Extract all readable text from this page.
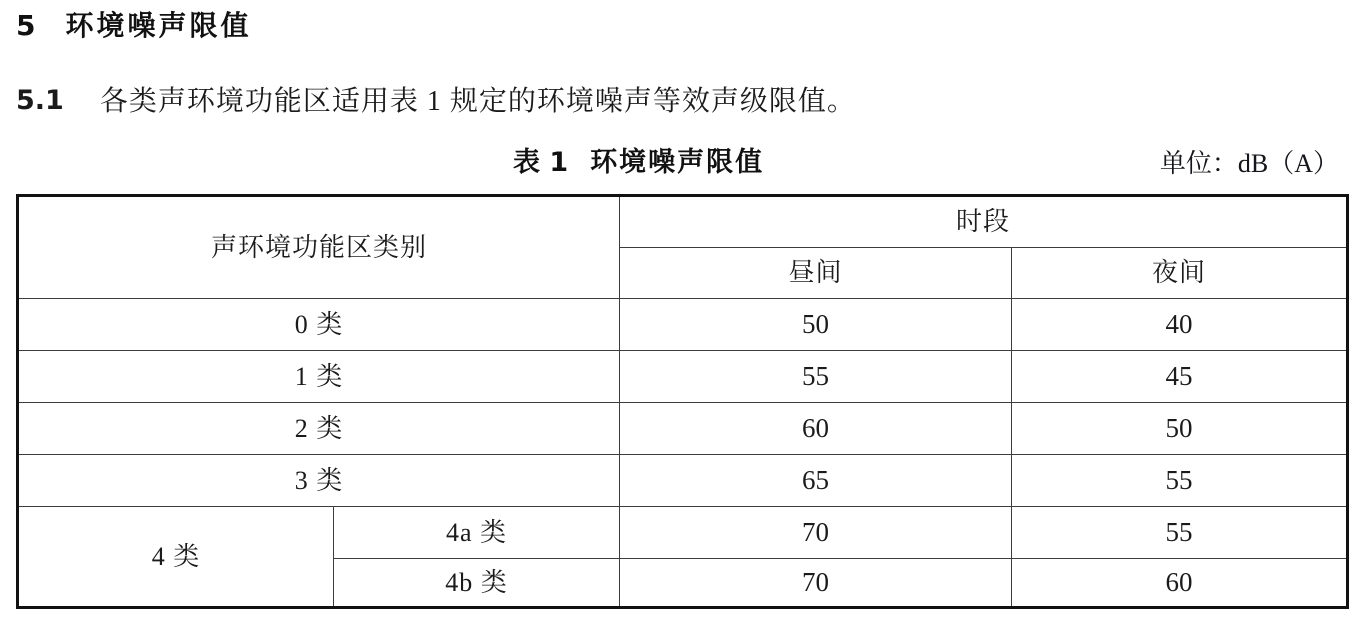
5 环境噪声限值
5.1 各类声环境功能区适用表 1 规定的环境噪声等效声级限值。
表 1 环境噪声限值	单位：dB（A）
声环境功能区类别		时段	
		昼间	夜间
0 类		50	40
1 类		55	45
2 类		60	50
3 类		65	55
4 类	4a 类	70	55
	4b 类	70	60
